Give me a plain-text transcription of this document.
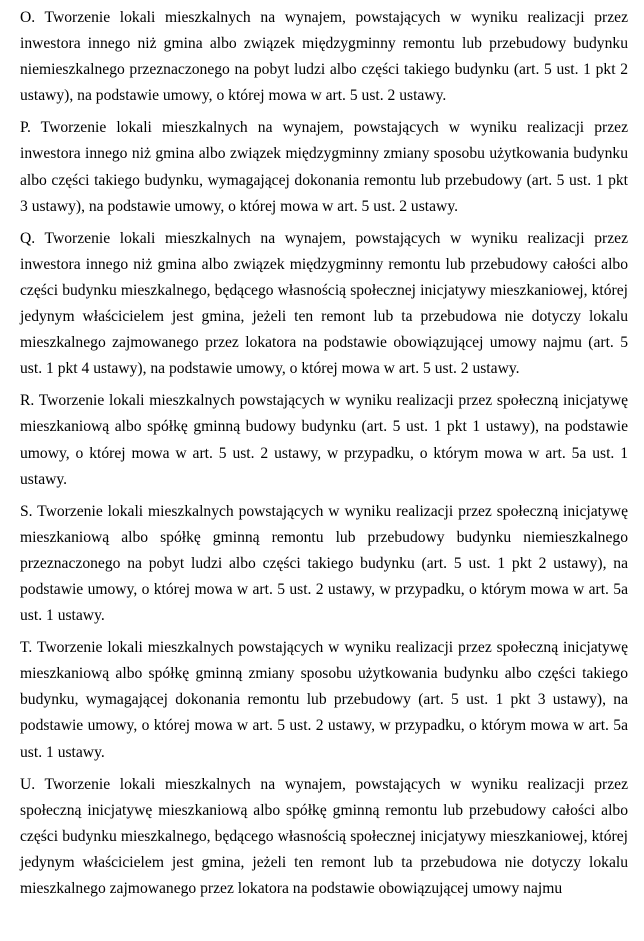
O. Tworzenie lokali mieszkalnych na wynajem, powstających w wyniku realizacji przez inwestora innego niż gmina albo związek międzygminny remontu lub przebudowy budynku niemieszkalnego przeznaczonego na pobyt ludzi albo części takiego budynku (art. 5 ust. 1 pkt 2 ustawy), na podstawie umowy, o której mowa w art. 5 ust. 2 ustawy.

P. Tworzenie lokali mieszkalnych na wynajem, powstających w wyniku realizacji przez inwestora innego niż gmina albo związek międzygminny zmiany sposobu użytkowania budynku albo części takiego budynku, wymagającej dokonania remontu lub przebudowy (art. 5 ust. 1 pkt 3 ustawy), na podstawie umowy, o której mowa w art. 5 ust. 2 ustawy.

Q. Tworzenie lokali mieszkalnych na wynajem, powstających w wyniku realizacji przez inwestora innego niż gmina albo związek międzygminny remontu lub przebudowy całości albo części budynku mieszkalnego, będącego własnością społecznej inicjatywy mieszkaniowej, której jedynym właścicielem jest gmina, jeżeli ten remont lub ta przebudowa nie dotyczy lokalu mieszkalnego zajmowanego przez lokatora na podstawie obowiązującej umowy najmu (art. 5 ust. 1 pkt 4 ustawy), na podstawie umowy, o której mowa w art. 5 ust. 2 ustawy.

R. Tworzenie lokali mieszkalnych powstających w wyniku realizacji przez społeczną inicjatywę mieszkaniową albo spółkę gminną budowy budynku (art. 5 ust. 1 pkt 1 ustawy), na podstawie umowy, o której mowa w art. 5 ust. 2 ustawy, w przypadku, o którym mowa w art. 5a ust. 1 ustawy.

S. Tworzenie lokali mieszkalnych powstających w wyniku realizacji przez społeczną inicjatywę mieszkaniową albo spółkę gminną remontu lub przebudowy budynku niemieszkalnego przeznaczonego na pobyt ludzi albo części takiego budynku (art. 5 ust. 1 pkt 2 ustawy), na podstawie umowy, o której mowa w art. 5 ust. 2 ustawy, w przypadku, o którym mowa w art. 5a ust. 1 ustawy.

T. Tworzenie lokali mieszkalnych powstających w wyniku realizacji przez społeczną inicjatywę mieszkaniową albo spółkę gminną zmiany sposobu użytkowania budynku albo części takiego budynku, wymagającej dokonania remontu lub przebudowy (art. 5 ust. 1 pkt 3 ustawy), na podstawie umowy, o której mowa w art. 5 ust. 2 ustawy, w przypadku, o którym mowa w art. 5a ust. 1 ustawy.

U. Tworzenie lokali mieszkalnych na wynajem, powstających w wyniku realizacji przez społeczną inicjatywę mieszkaniową albo spółkę gminną remontu lub przebudowy całości albo części budynku mieszkalnego, będącego własnością społecznej inicjatywy mieszkaniowej, której jedynym właścicielem jest gmina, jeżeli ten remont lub ta przebudowa nie dotyczy lokalu mieszkalnego zajmowanego przez lokatora na podstawie obowiązującej umowy najmu
